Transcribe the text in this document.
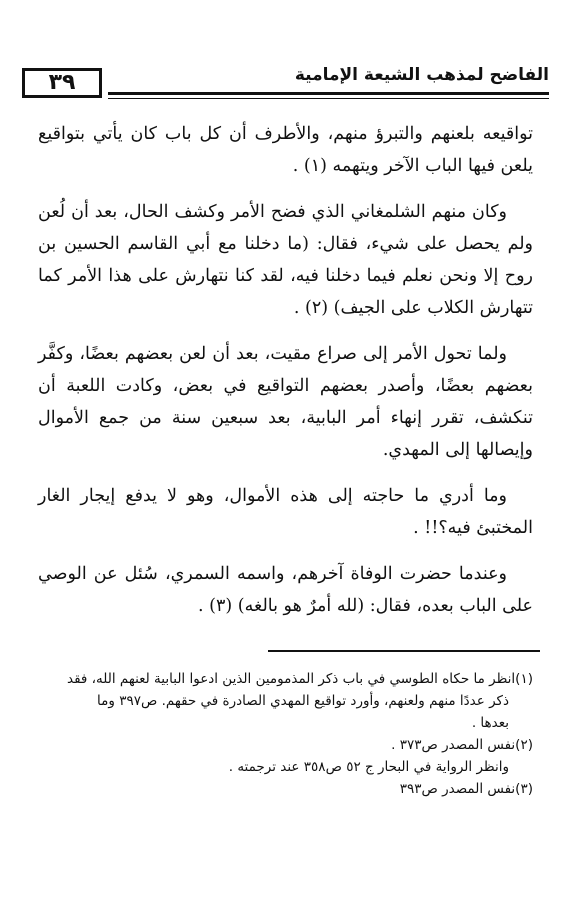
٣٩	الفاضح لمذهب الشيعة الإمامية

تواقيعه بلعنهم والتبرؤ منهم، والأطرف أن كل باب كان يأتي بتواقيع يلعن فيها الباب الآخر ويتهمه (١) .

وكان منهم الشلمغاني الذي فضح الأمر وكشف الحال، بعد أن لُعن ولم يحصل على شيء، فقال: (ما دخلنا مع أبي القاسم الحسين بن روح إلا ونحن نعلم فيما دخلنا فيه، لقد كنا نتهارش على هذا الأمر كما تتهارش الكلاب على الجيف) (٢) .

ولما تحول الأمر إلى صراع مقيت، بعد أن لعن بعضهم بعضًا، وكفَّر بعضهم بعضًا، وأصدر بعضهم التواقيع في بعض، وكادت اللعبة أن تنكشف، تقرر إنهاء أمر البابية، بعد سبعين سنة من جمع الأموال وإيصالها إلى المهدي.

وما أدري ما حاجته إلى هذه الأموال، وهو لا يدفع إيجار الغار المختبئ فيه؟!! .

وعندما حضرت الوفاة آخرهم، واسمه السمري، سُئل عن الوصي على الباب بعده، فقال: (لله أمرٌ هو بالغه) (٣) .

(١)انظر ما حكاه الطوسي في باب ذكر المذمومين الذين ادعوا البابية لعنهم الله، فقد

ذكر عددًا منهم ولعنهم، وأورد تواقيع المهدي الصادرة في حقهم. ص٣٩٧ وما

بعدها .

(٢)نفس المصدر ص٣٧٣ .

وانظر الرواية في البحار ج ٥٢ ص٣٥٨ عند ترجمته .

(٣)نفس المصدر ص٣٩٣
